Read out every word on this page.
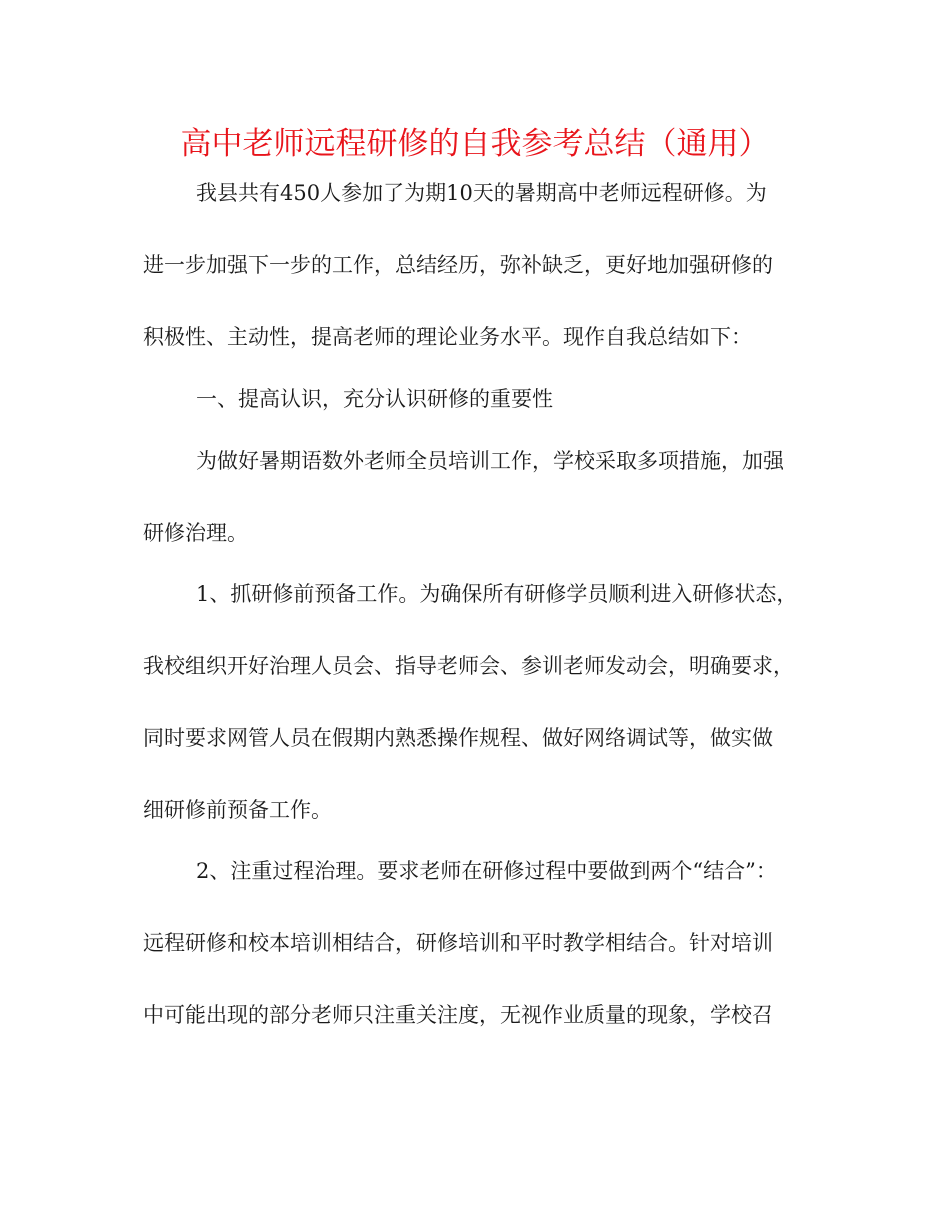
高中老师远程研修的自我参考总结（通用）
我县共有450人参加了为期10天的暑期高中老师远程研修。为
进一步加强下一步的工作，总结经历，弥补缺乏，更好地加强研修的
积极性、主动性，提高老师的理论业务水平。现作自我总结如下：
一、提高认识，充分认识研修的重要性
为做好暑期语数外老师全员培训工作，学校采取多项措施，加强
研修治理。
1、抓研修前预备工作。为确保所有研修学员顺利进入研修状态，
我校组织开好治理人员会、指导老师会、参训老师发动会，明确要求，
同时要求网管人员在假期内熟悉操作规程、做好网络调试等，做实做
细研修前预备工作。
2、注重过程治理。要求老师在研修过程中要做到两个“结合”：
远程研修和校本培训相结合，研修培训和平时教学相结合。针对培训
中可能出现的部分老师只注重关注度，无视作业质量的现象，学校召
